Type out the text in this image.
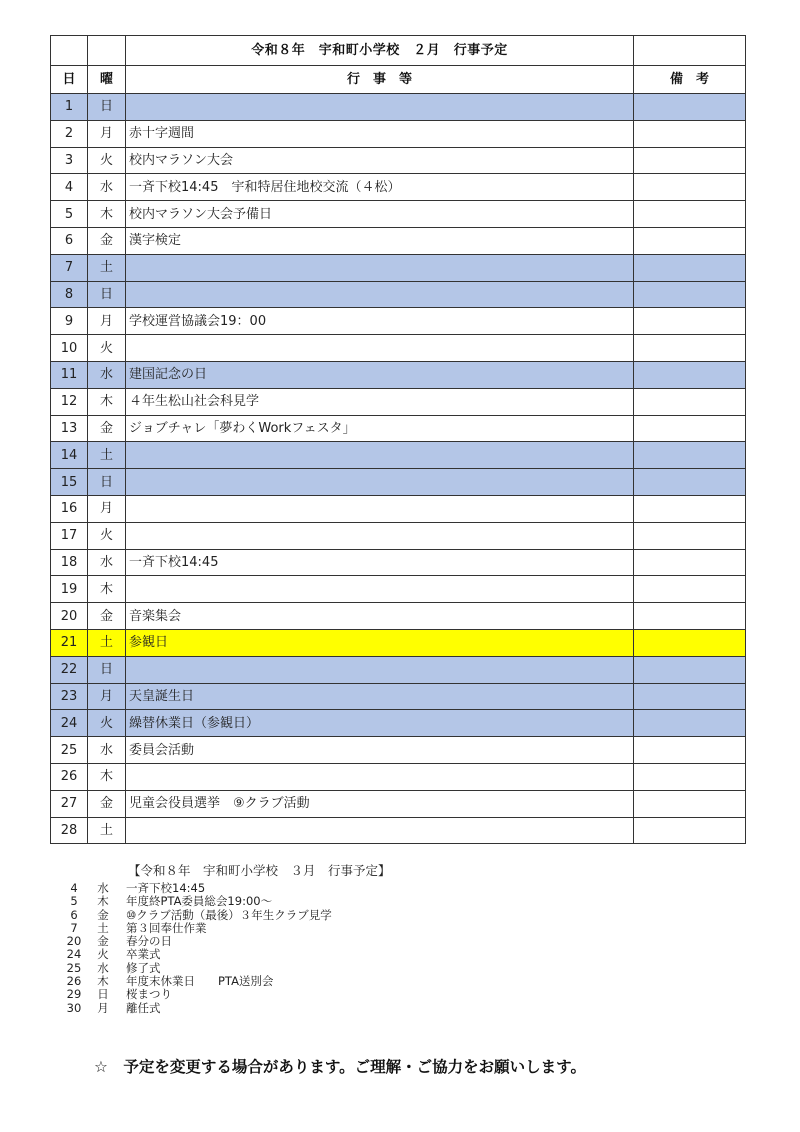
		令和８年　宇和町小学校　２月　行事予定	
日	曜	行　事　等	備　考
1	日		
2	月	赤十字週間	
3	火	校内マラソン大会	
4	水	一斉下校14:45　宇和特居住地校交流（４松）	
5	木	校内マラソン大会予備日	
6	金	漢字検定	
7	土		
8	日		
9	月	学校運営協議会19：00	
10	火		
11	水	建国記念の日	
12	木	４年生松山社会科見学	
13	金	ジョブチャレ「夢わくWorkフェスタ」	
14	土		
15	日		
16	月		
17	火		
18	水	一斉下校14:45	
19	木		
20	金	音楽集会	
21	土	参観日	
22	日		
23	月	天皇誕生日	
24	火	繰替休業日（参観日）	
25	水	委員会活動	
26	木		
27	金	児童会役員選挙　⑨クラブ活動	
28	土		
【令和８年　宇和町小学校　３月　行事予定】
4	水	一斉下校14:45
5	木	年度終PTA委員総会19:00～
6	金	⑩クラブ活動（最後）３年生クラブ見学
7	土	第３回奉仕作業
20	金	春分の日
24	火	卒業式
25	水	修了式
26	木	年度末休業日　　PTA送別会
29	日	桜まつり
30	月	離任式
☆　 予定を変更する場合があります。ご理解・ご協力をお願いします。
